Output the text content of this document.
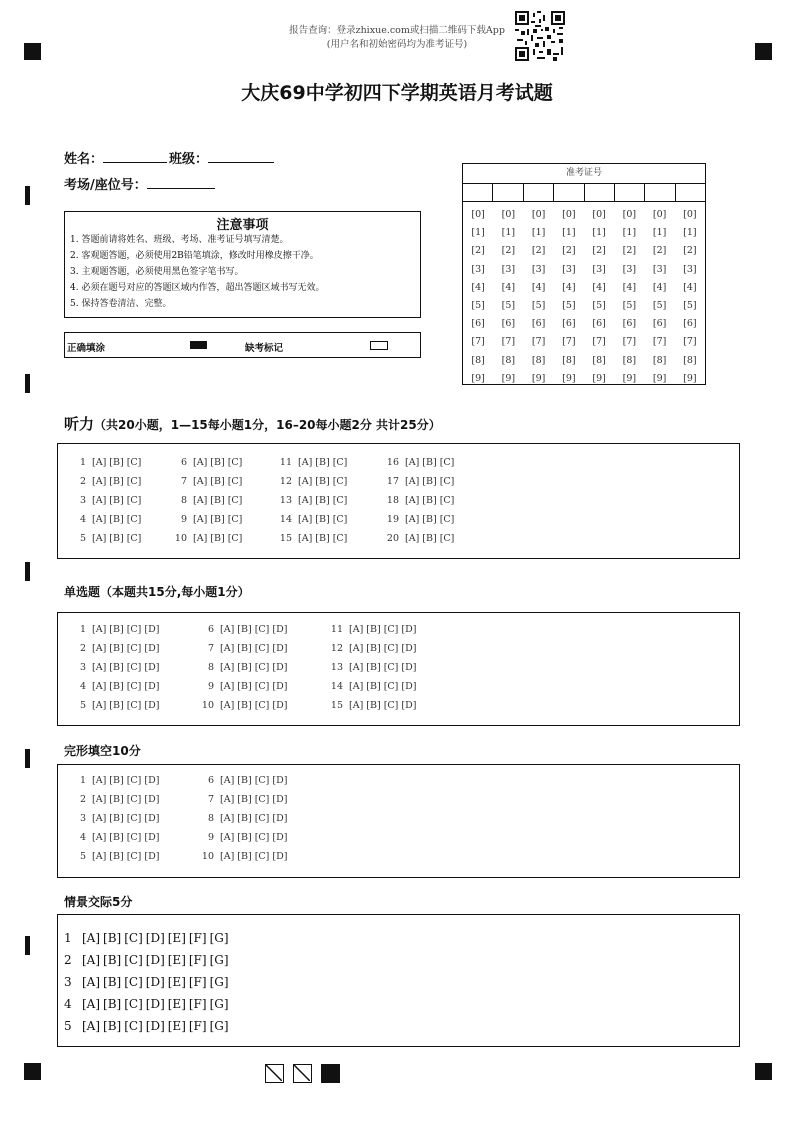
报告查询：登录zhixue.com或扫描二维码下载App
(用户名和初始密码均为准考证号)
大庆69中学初四下学期英语月考试题
姓名：	班级：
考场/座位号：
注意事项
1. 答题前请将姓名、班级、考场、准考证号填写清楚。
2. 客观题答题，必须使用2B铅笔填涂，修改时用橡皮擦干净。
3. 主观题答题，必须使用黑色签字笔书写。
4. 必须在题号对应的答题区域内作答，超出答题区域书写无效。
5. 保持答卷清洁、完整。
正确填涂	缺考标记
准考证号
[0]
[1]
[2]
[3]
[4]
[5]
[6]
[7]
[8]
[9]
[0]
[1]
[2]
[3]
[4]
[5]
[6]
[7]
[8]
[9]
[0]
[1]
[2]
[3]
[4]
[5]
[6]
[7]
[8]
[9]
[0]
[1]
[2]
[3]
[4]
[5]
[6]
[7]
[8]
[9]
[0]
[1]
[2]
[3]
[4]
[5]
[6]
[7]
[8]
[9]
[0]
[1]
[2]
[3]
[4]
[5]
[6]
[7]
[8]
[9]
[0]
[1]
[2]
[3]
[4]
[5]
[6]
[7]
[8]
[9]
[0]
[1]
[2]
[3]
[4]
[5]
[6]
[7]
[8]
[9]
听力（共20小题，1—15每小题1分，16–20每小题2分 共计25分）
1 [A] [B] [C]
2 [A] [B] [C]
3 [A] [B] [C]
4 [A] [B] [C]
5 [A] [B] [C]
6 [A] [B] [C]
7 [A] [B] [C]
8 [A] [B] [C]
9 [A] [B] [C]
10 [A] [B] [C]
11 [A] [B] [C]
12 [A] [B] [C]
13 [A] [B] [C]
14 [A] [B] [C]
15 [A] [B] [C]
16 [A] [B] [C]
17 [A] [B] [C]
18 [A] [B] [C]
19 [A] [B] [C]
20 [A] [B] [C]
单选题（本题共15分,每小题1分）
1 [A] [B] [C] [D]
2 [A] [B] [C] [D]
3 [A] [B] [C] [D]
4 [A] [B] [C] [D]
5 [A] [B] [C] [D]
6 [A] [B] [C] [D]
7 [A] [B] [C] [D]
8 [A] [B] [C] [D]
9 [A] [B] [C] [D]
10 [A] [B] [C] [D]
11 [A] [B] [C] [D]
12 [A] [B] [C] [D]
13 [A] [B] [C] [D]
14 [A] [B] [C] [D]
15 [A] [B] [C] [D]
完形填空10分
1 [A] [B] [C] [D]
2 [A] [B] [C] [D]
3 [A] [B] [C] [D]
4 [A] [B] [C] [D]
5 [A] [B] [C] [D]
6 [A] [B] [C] [D]
7 [A] [B] [C] [D]
8 [A] [B] [C] [D]
9 [A] [B] [C] [D]
10 [A] [B] [C] [D]
情景交际5分
1 [A] [B] [C] [D] [E] [F] [G]
2 [A] [B] [C] [D] [E] [F] [G]
3 [A] [B] [C] [D] [E] [F] [G]
4 [A] [B] [C] [D] [E] [F] [G]
5 [A] [B] [C] [D] [E] [F] [G]
